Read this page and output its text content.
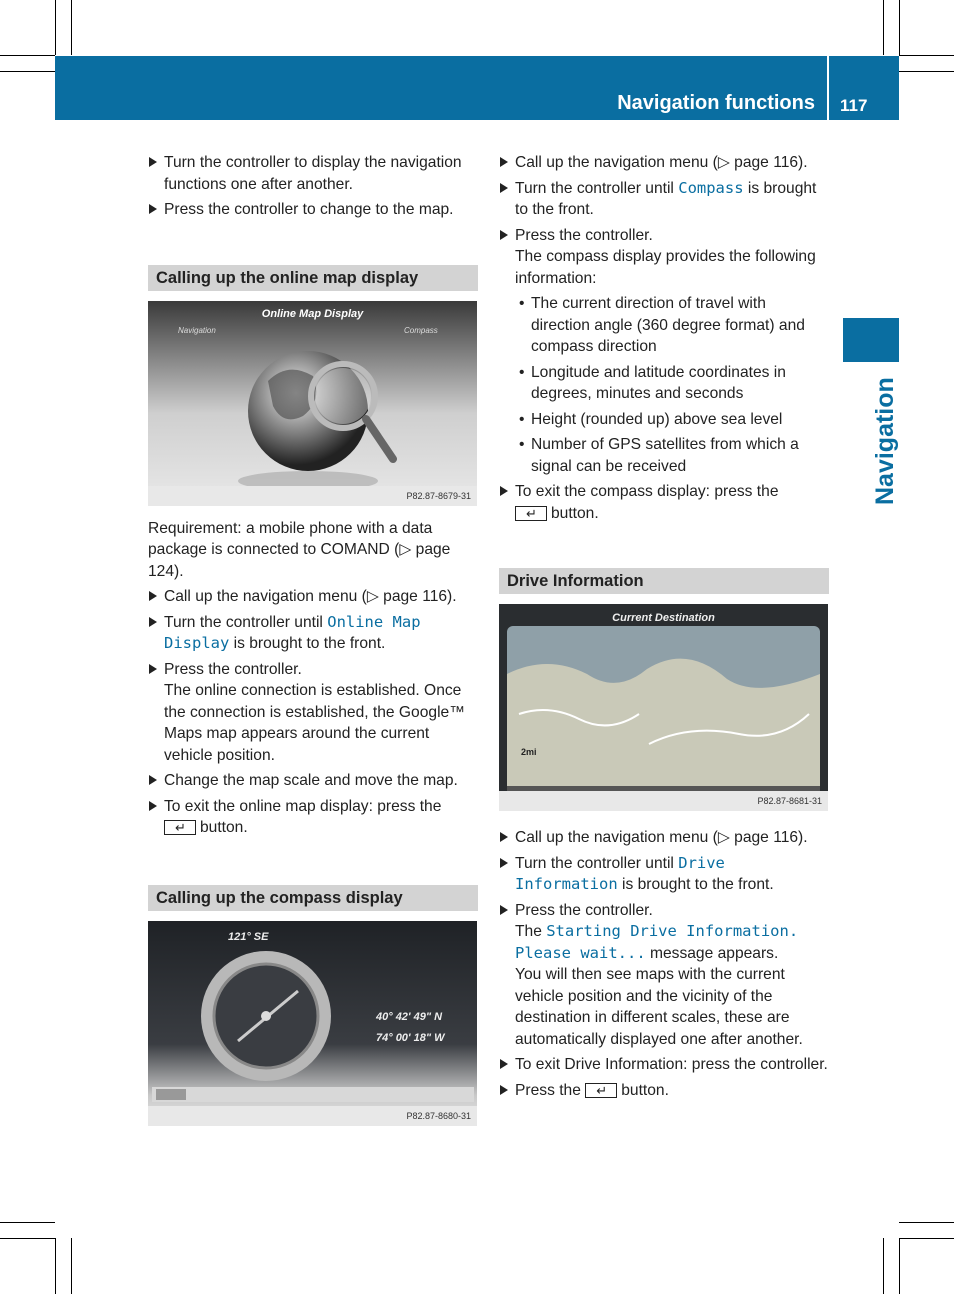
Navigation functions 117
Navigation
Turn the controller to display the navigation functions one after another.
Press the controller to change to the map.
Calling up the online map display
Online Map Display
Navigation	Compass
P82.87-8679-31
Requirement: a mobile phone with a data package is connected to COMAND (▷ page 124).
Call up the navigation menu (▷ page 116).
Turn the controller until Online Map Display is brought to the front.
Press the controller.
The online connection is established. Once the connection is established, the Google™ Maps map appears around the current vehicle position.
Change the map scale and move the map.
To exit the online map display: press the
↵button.
Calling up the compass display
121° SE
40° 42' 49" N
74° 00' 18" W
P82.87-8680-31
Call up the navigation menu (▷ page 116).
Turn the controller until Compass is brought to the front.
Press the controller.
The compass display provides the following information:
• The current direction of travel with direction angle (360 degree format) and compass direction
• Longitude and latitude coordinates in degrees, minutes and seconds
• Height (rounded up) above sea level
• Number of GPS satellites from which a signal can be received
To exit the compass display: press the
↵button.
Drive Information
Current Destination
2mi
P82.87-8681-31
Call up the navigation menu (▷ page 116).
Turn the controller until Drive Information is brought to the front.
Press the controller.
The Starting Drive Information. Please wait... message appears.
You will then see maps with the current vehicle position and the vicinity of the destination in different scales, these are automatically displayed one after another.
To exit Drive Information: press the controller.
Press the ↵	button.
